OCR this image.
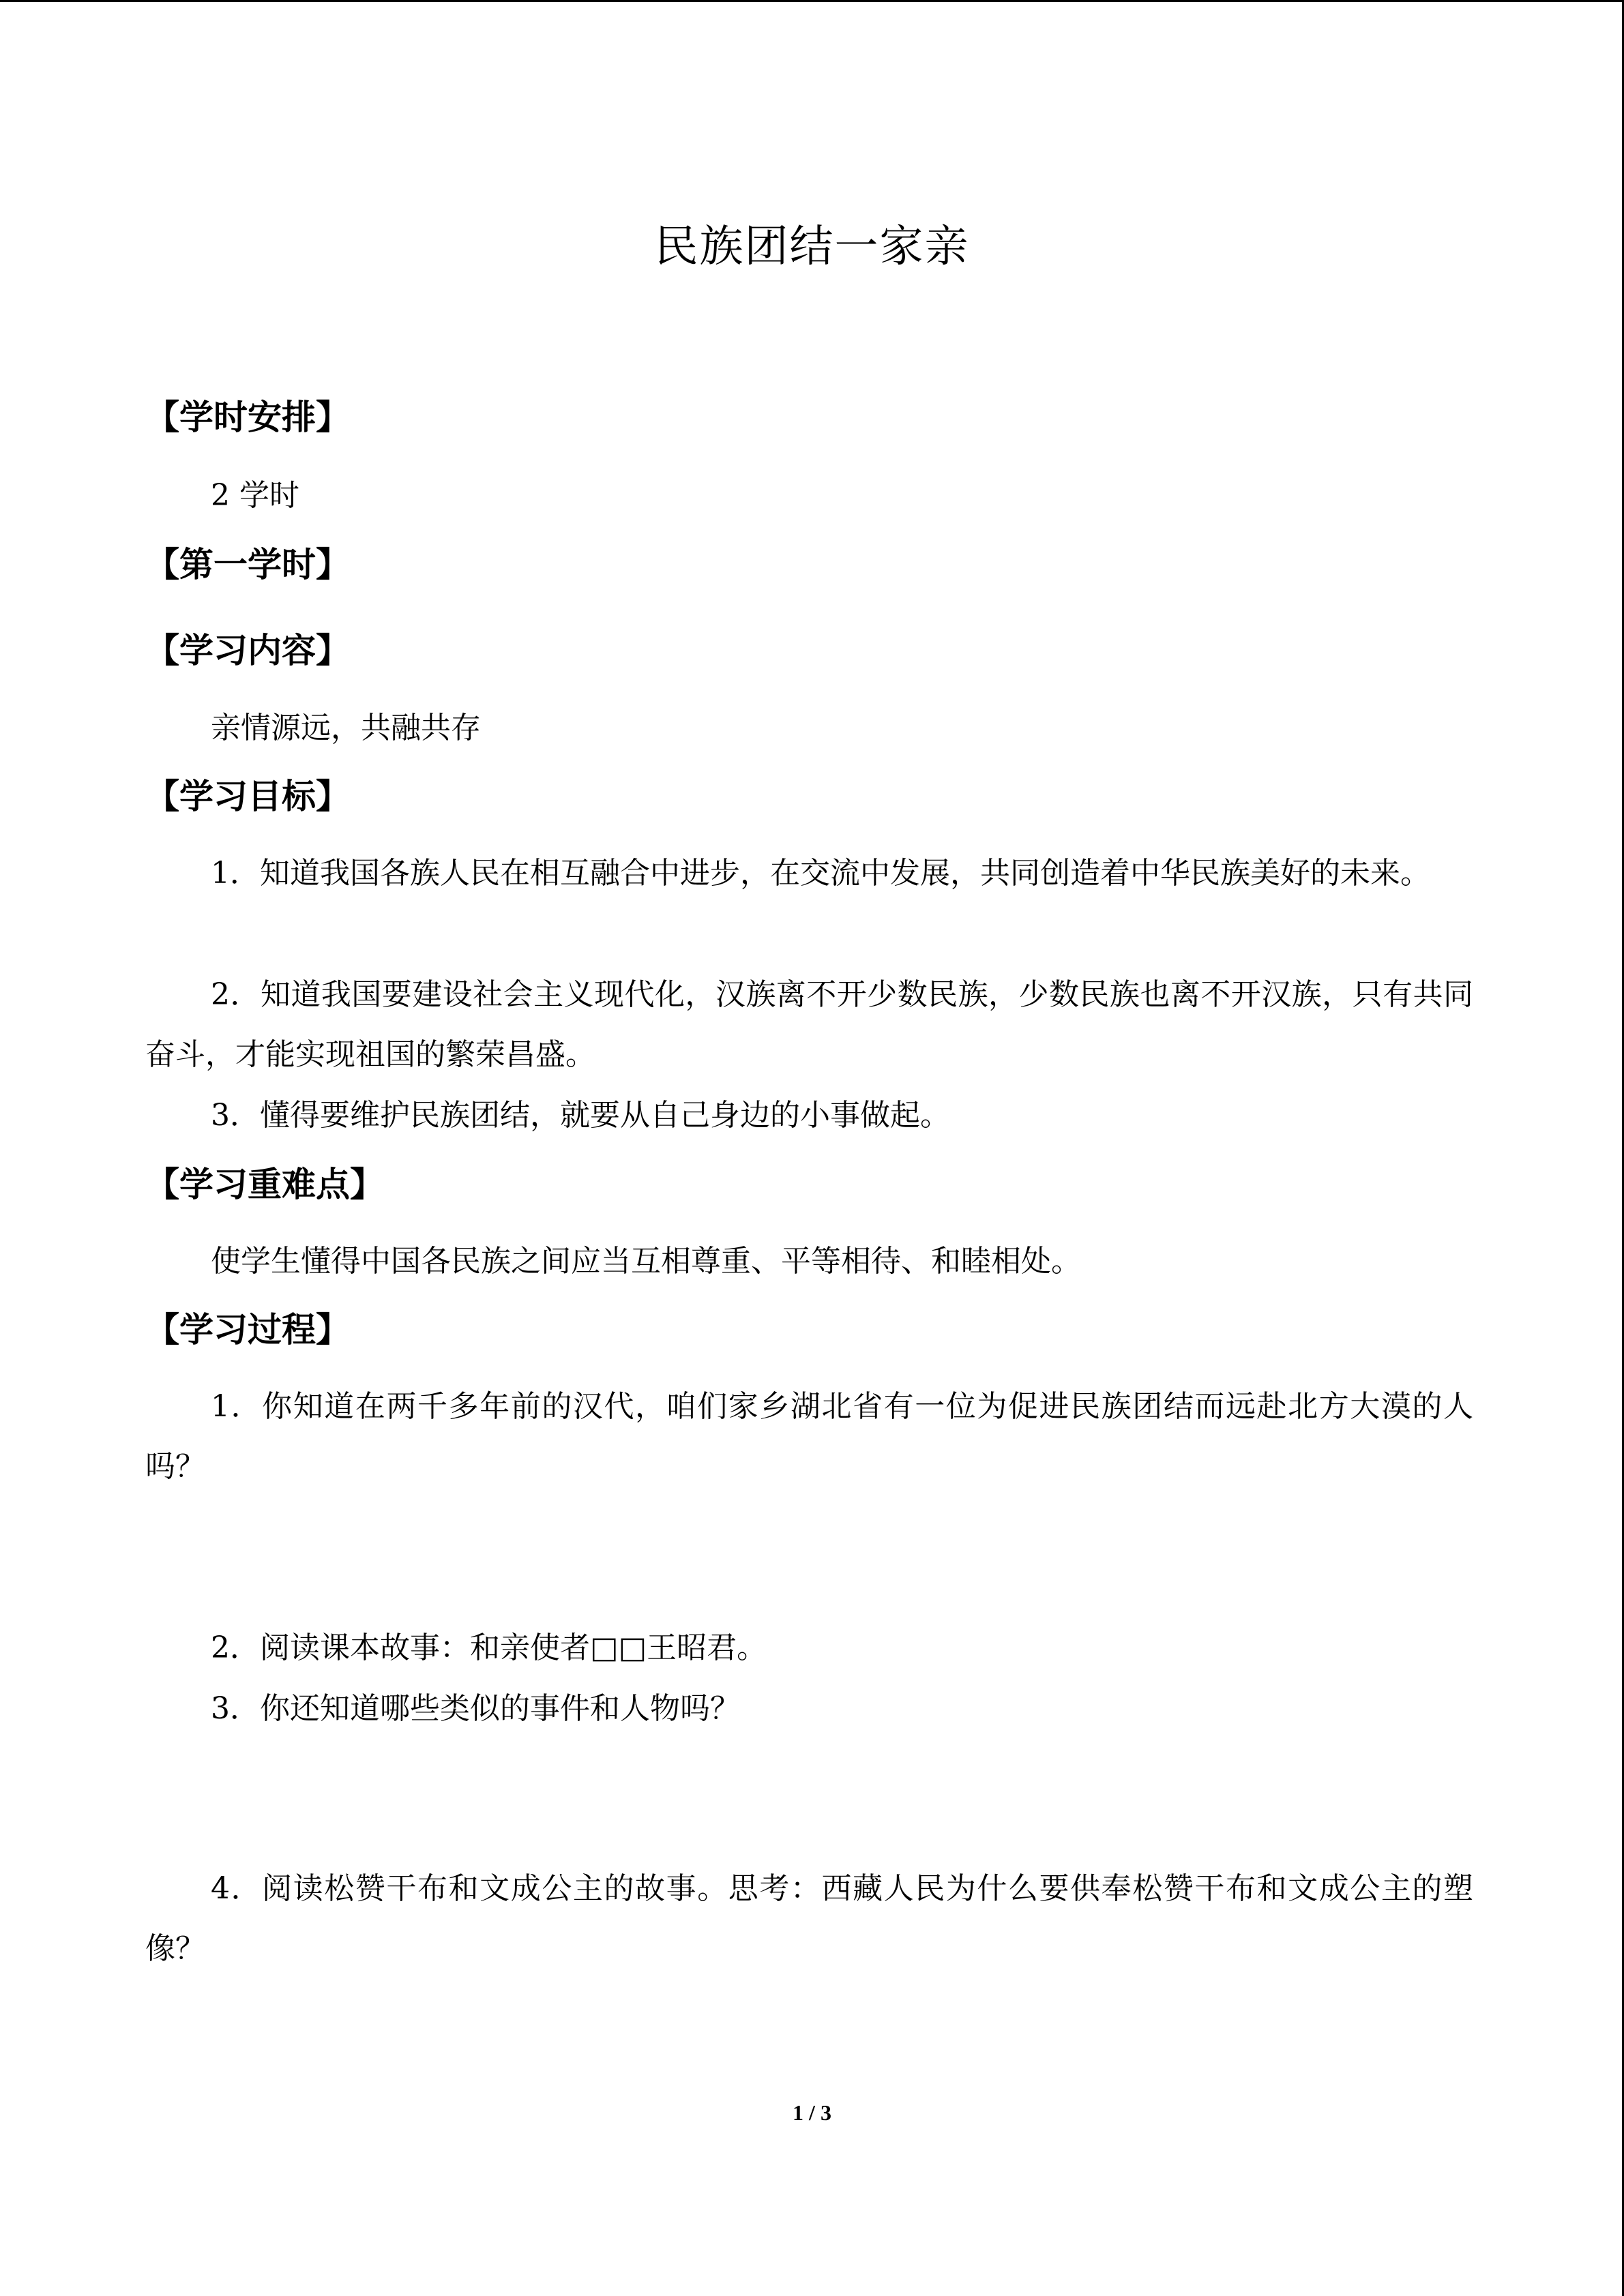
民族团结一家亲
【学时安排】

2 学时

【第一学时】
【学习内容】

亲情源远，共融共存

【学习目标】

1．知道我国各族人民在相互融合中进步，在交流中发展，共同创造着中华民族美好的未来。

2．知道我国要建设社会主义现代化，汉族离不开少数民族，少数民族也离不开汉族，只有共同奋斗，才能实现祖国的繁荣昌盛。

3．懂得要维护民族团结，就要从自己身边的小事做起。

【学习重难点】

使学生懂得中国各民族之间应当互相尊重、平等相待、和睦相处。

【学习过程】

1．你知道在两千多年前的汉代，咱们家乡湖北省有一位为促进民族团结而远赴北方大漠的人吗？

2．阅读课本故事：和亲使者□□王昭君。

3．你还知道哪些类似的事件和人物吗？

4．阅读松赞干布和文成公主的故事。思考：西藏人民为什么要供奉松赞干布和文成公主的塑像？

1 / 3
